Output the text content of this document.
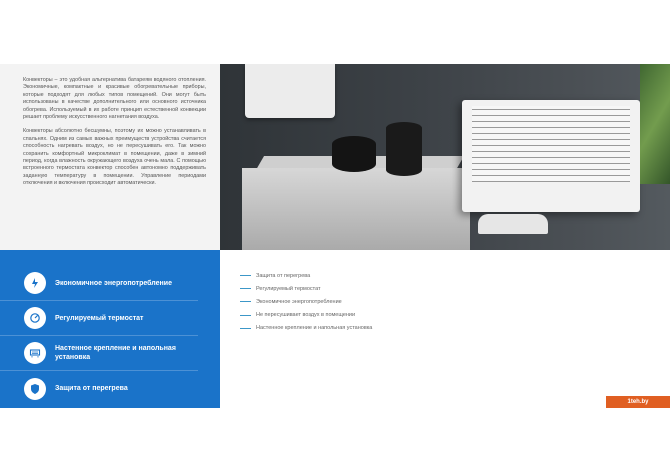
Конвекторы – это удобная альтернатива батареям водяного отопления. Экономичные, компактные и красивые обогревательные приборы, которые подходят для любых типов помещений. Они могут быть использованы в качестве дополнительного или основного источника обогрева. Используемый в их работе принцип естественной конвекции решает проблему искусственного нагнетания воздуха.

Конвекторы абсолютно бесшумны, поэтому их можно устанавливать в спальнях. Одним из самых важных преимуществ устройства считается способность нагревать воздух, но не пересушивать его. Так можно сохранить комфортный микроклимат в помещении, даже в зимний период, когда влажность окружающего воздуха очень мала. С помощью встроенного термостата конвектор способен автономно поддерживать заданную температуру в помещении. Управление периодами отключения и включения происходит автоматически.

Экономичное энергопотребление
Регулируемый термостат
Настенное крепление и напольная установка
Защита от перегрева
Защита от перегрева
Регулируемый термостат
Экономичное энергопотребление
Не пересушивает воздух в помещении
Настенное крепление и напольная установка
1teh.by
